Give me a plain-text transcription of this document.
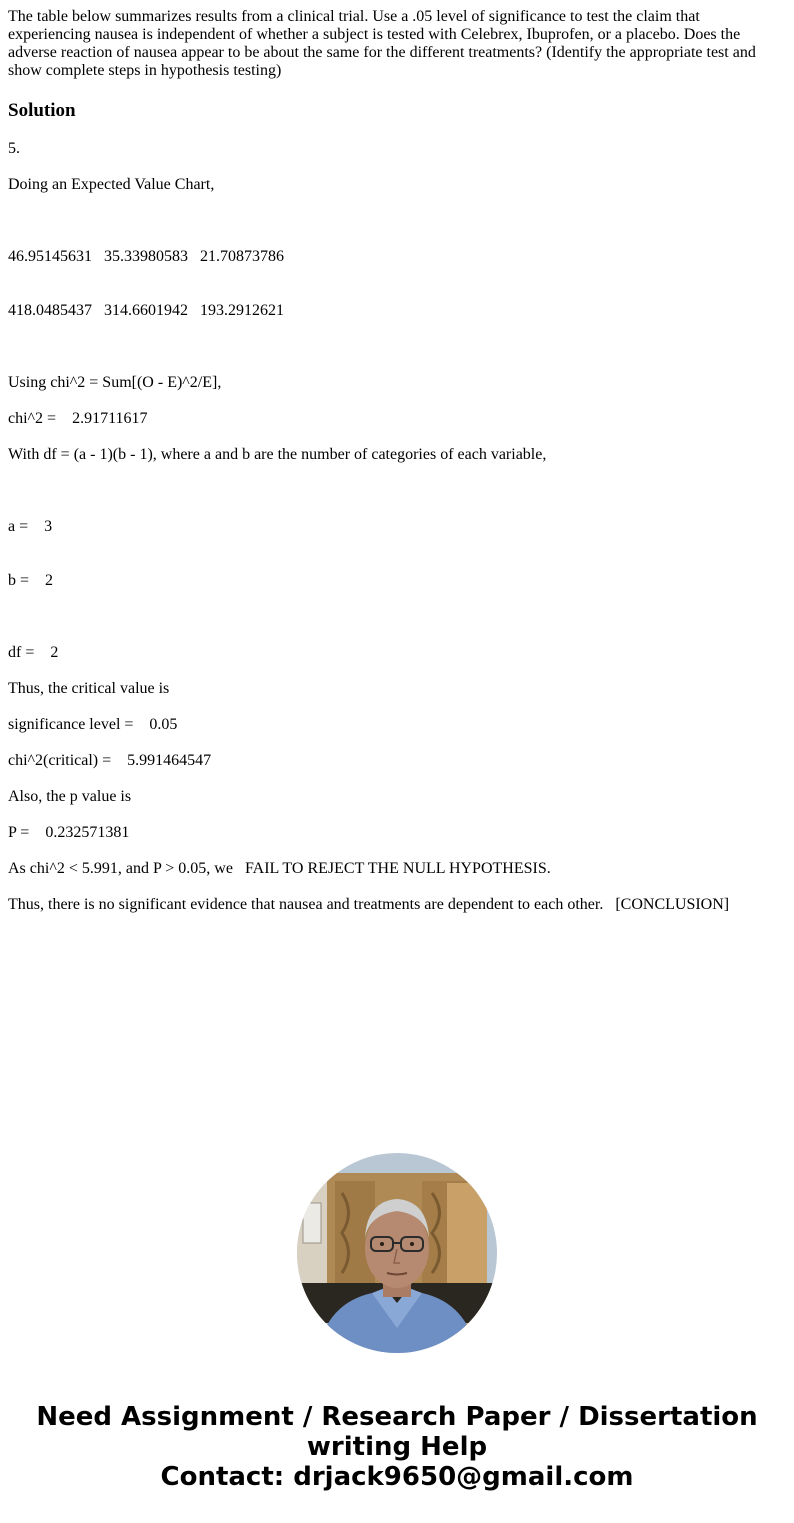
The table below summarizes results from a clinical trial. Use a .05 level of significance to test the claim that experiencing nausea is independent of whether a subject is tested with Celebrex, Ibuprofen, or a placebo. Does the adverse reaction of nausea appear to be about the same for the different treatments? (Identify the appropriate test and show complete steps in hypothesis testing)

Solution
5.
Doing an Expected Value Chart,

46.95145631   35.33980583   21.70873786

418.0485437   314.6601942   193.2912621

Using chi^2 = Sum[(O - E)^2/E],
chi^2 =    2.91711617
With df = (a - 1)(b - 1), where a and b are the number of categories of each variable,

a =    3

b =    2

df =    2
Thus, the critical value is
significance level =    0.05
chi^2(critical) =    5.991464547
Also, the p value is
P =    0.232571381
As chi^2 < 5.991, and P > 0.05, we   FAIL TO REJECT THE NULL HYPOTHESIS.
Thus, there is no significant evidence that nausea and treatments are dependent to each other.   [CONCLUSION]
Need Assignment / Research Paper / Dissertation
writing Help
Contact: drjack9650@gmail.com
